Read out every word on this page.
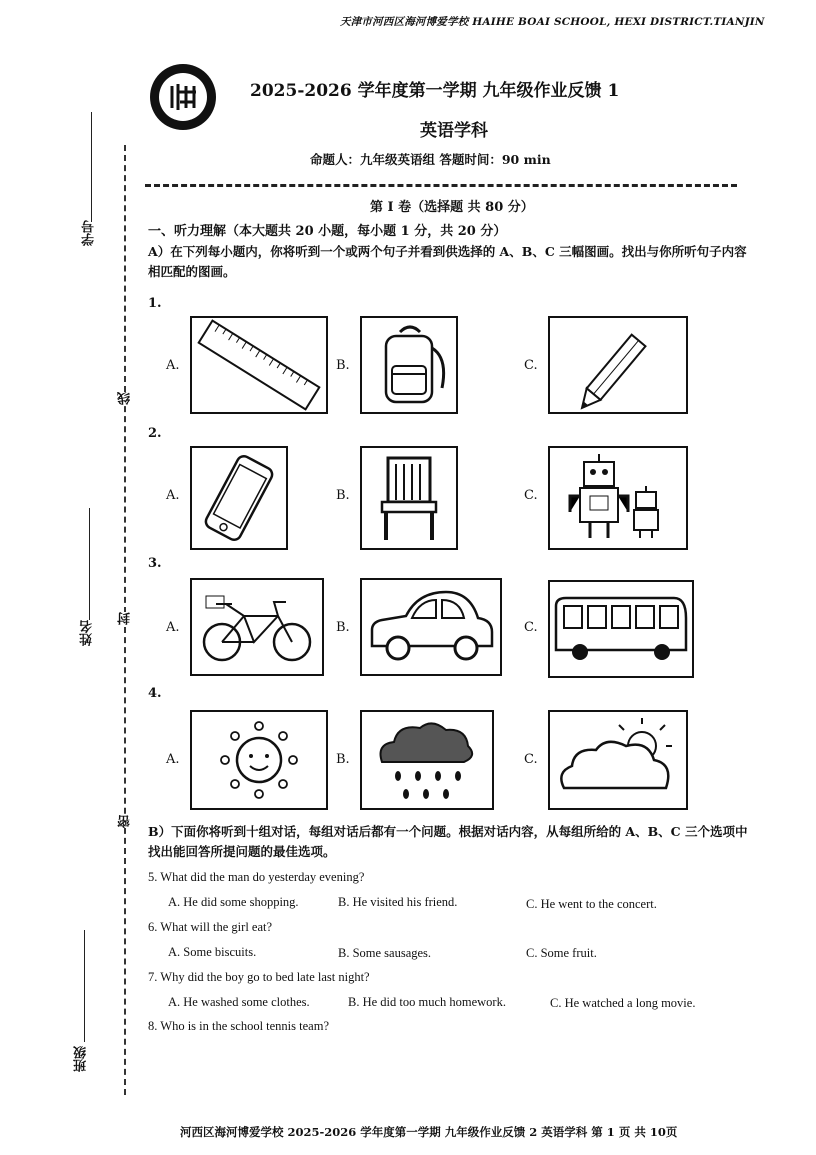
学号
姓名
班级
线
封
密
天津市河西区海河博爱学校 HAIHE BOAI SCHOOL, HEXI DISTRICT.TIANJIN
2025-2026 学年度第一学期 九年级作业反馈 1
英语学科
命题人：九年级英语组 答题时间：90 min
第 I 卷（选择题 共 80 分）
一、听力理解（本大题共 20 小题，每小题 1 分，共 20 分）
A）在下列每小题内，你将听到一个或两个句子并看到供选择的 A、B、C 三幅图画。找出与你所听句子内容相匹配的图画。
1.
A.	B.	C.
2.
A.	B.	C.
3.
A.	B.	C.
4.
A.	B.	C.
B）下面你将听到十组对话，每组对话后都有一个问题。根据对话内容，从每组所给的 A、B、C 三个选项中找出能回答所提问题的最佳选项。
5. What did the man do yesterday evening?
A. He did some shopping.	B. He visited his friend.	C. He went to the concert.
6. What will the girl eat?
A. Some biscuits.	B. Some sausages.	C. Some fruit.
7. Why did the boy go to bed late last night?
A. He washed some clothes.	B. He did too much homework.	C. He watched a long movie.
8. Who is in the school tennis team?
河西区海河博爱学校 2025-2026 学年度第一学期 九年级作业反馈 2 英语学科 第 1 页 共 10页
